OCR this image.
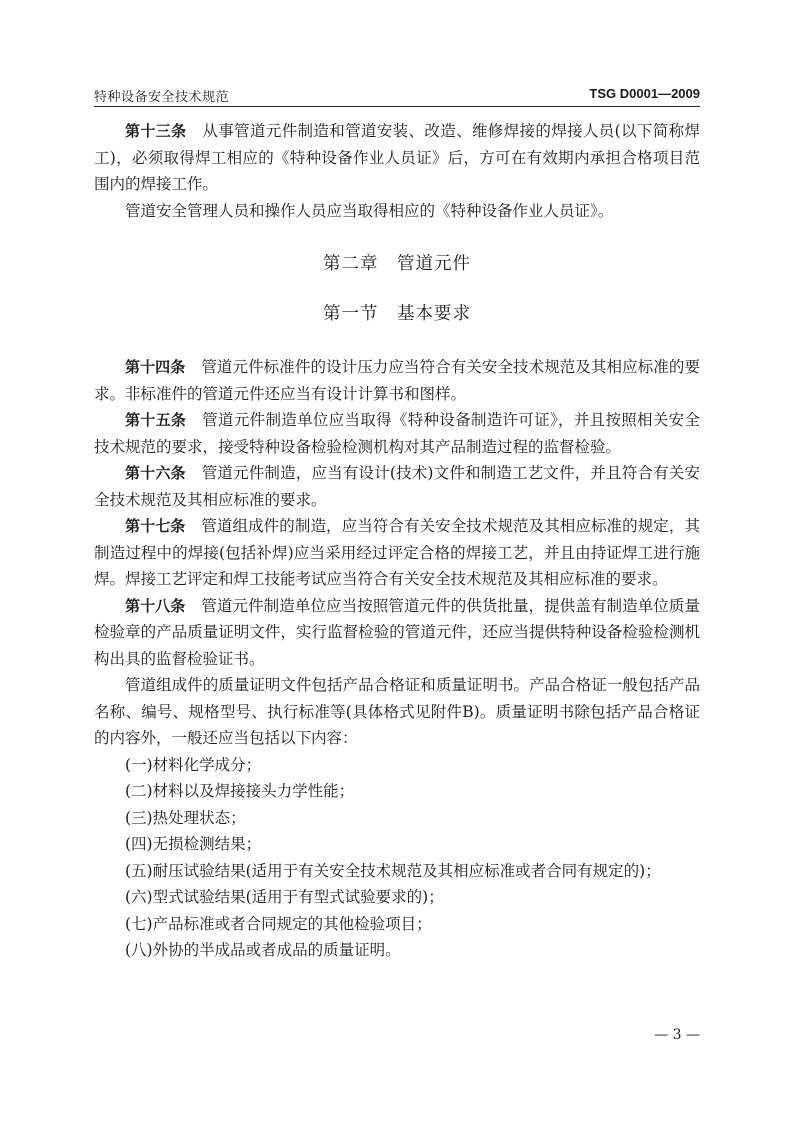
特种设备安全技术规范	TSG D0001—2009

第十三条 从事管道元件制造和管道安装、改造、维修焊接的焊接人员(以下简称焊工)，必须取得焊工相应的《特种设备作业人员证》后，方可在有效期内承担合格项目范围内的焊接工作。

管道安全管理人员和操作人员应当取得相应的《特种设备作业人员证》。

第二章　管道元件
第一节　基本要求

第十四条 管道元件标准件的设计压力应当符合有关安全技术规范及其相应标准的要求。非标准件的管道元件还应当有设计计算书和图样。

第十五条 管道元件制造单位应当取得《特种设备制造许可证》，并且按照相关安全技术规范的要求，接受特种设备检验检测机构对其产品制造过程的监督检验。

第十六条 管道元件制造，应当有设计(技术)文件和制造工艺文件，并且符合有关安全技术规范及其相应标准的要求。

第十七条 管道组成件的制造，应当符合有关安全技术规范及其相应标准的规定，其制造过程中的焊接(包括补焊)应当采用经过评定合格的焊接工艺，并且由持证焊工进行施焊。焊接工艺评定和焊工技能考试应当符合有关安全技术规范及其相应标准的要求。

第十八条 管道元件制造单位应当按照管道元件的供货批量，提供盖有制造单位质量检验章的产品质量证明文件，实行监督检验的管道元件，还应当提供特种设备检验检测机构出具的监督检验证书。

管道组成件的质量证明文件包括产品合格证和质量证明书。产品合格证一般包括产品名称、编号、规格型号、执行标准等(具体格式见附件B)。质量证明书除包括产品合格证的内容外，一般还应当包括以下内容：

(一)材料化学成分；

(二)材料以及焊接接头力学性能；

(三)热处理状态；

(四)无损检测结果；

(五)耐压试验结果(适用于有关安全技术规范及其相应标准或者合同有规定的)；

(六)型式试验结果(适用于有型式试验要求的)；

(七)产品标准或者合同规定的其他检验项目；

(八)外协的半成品或者成品的质量证明。

— 3 —
